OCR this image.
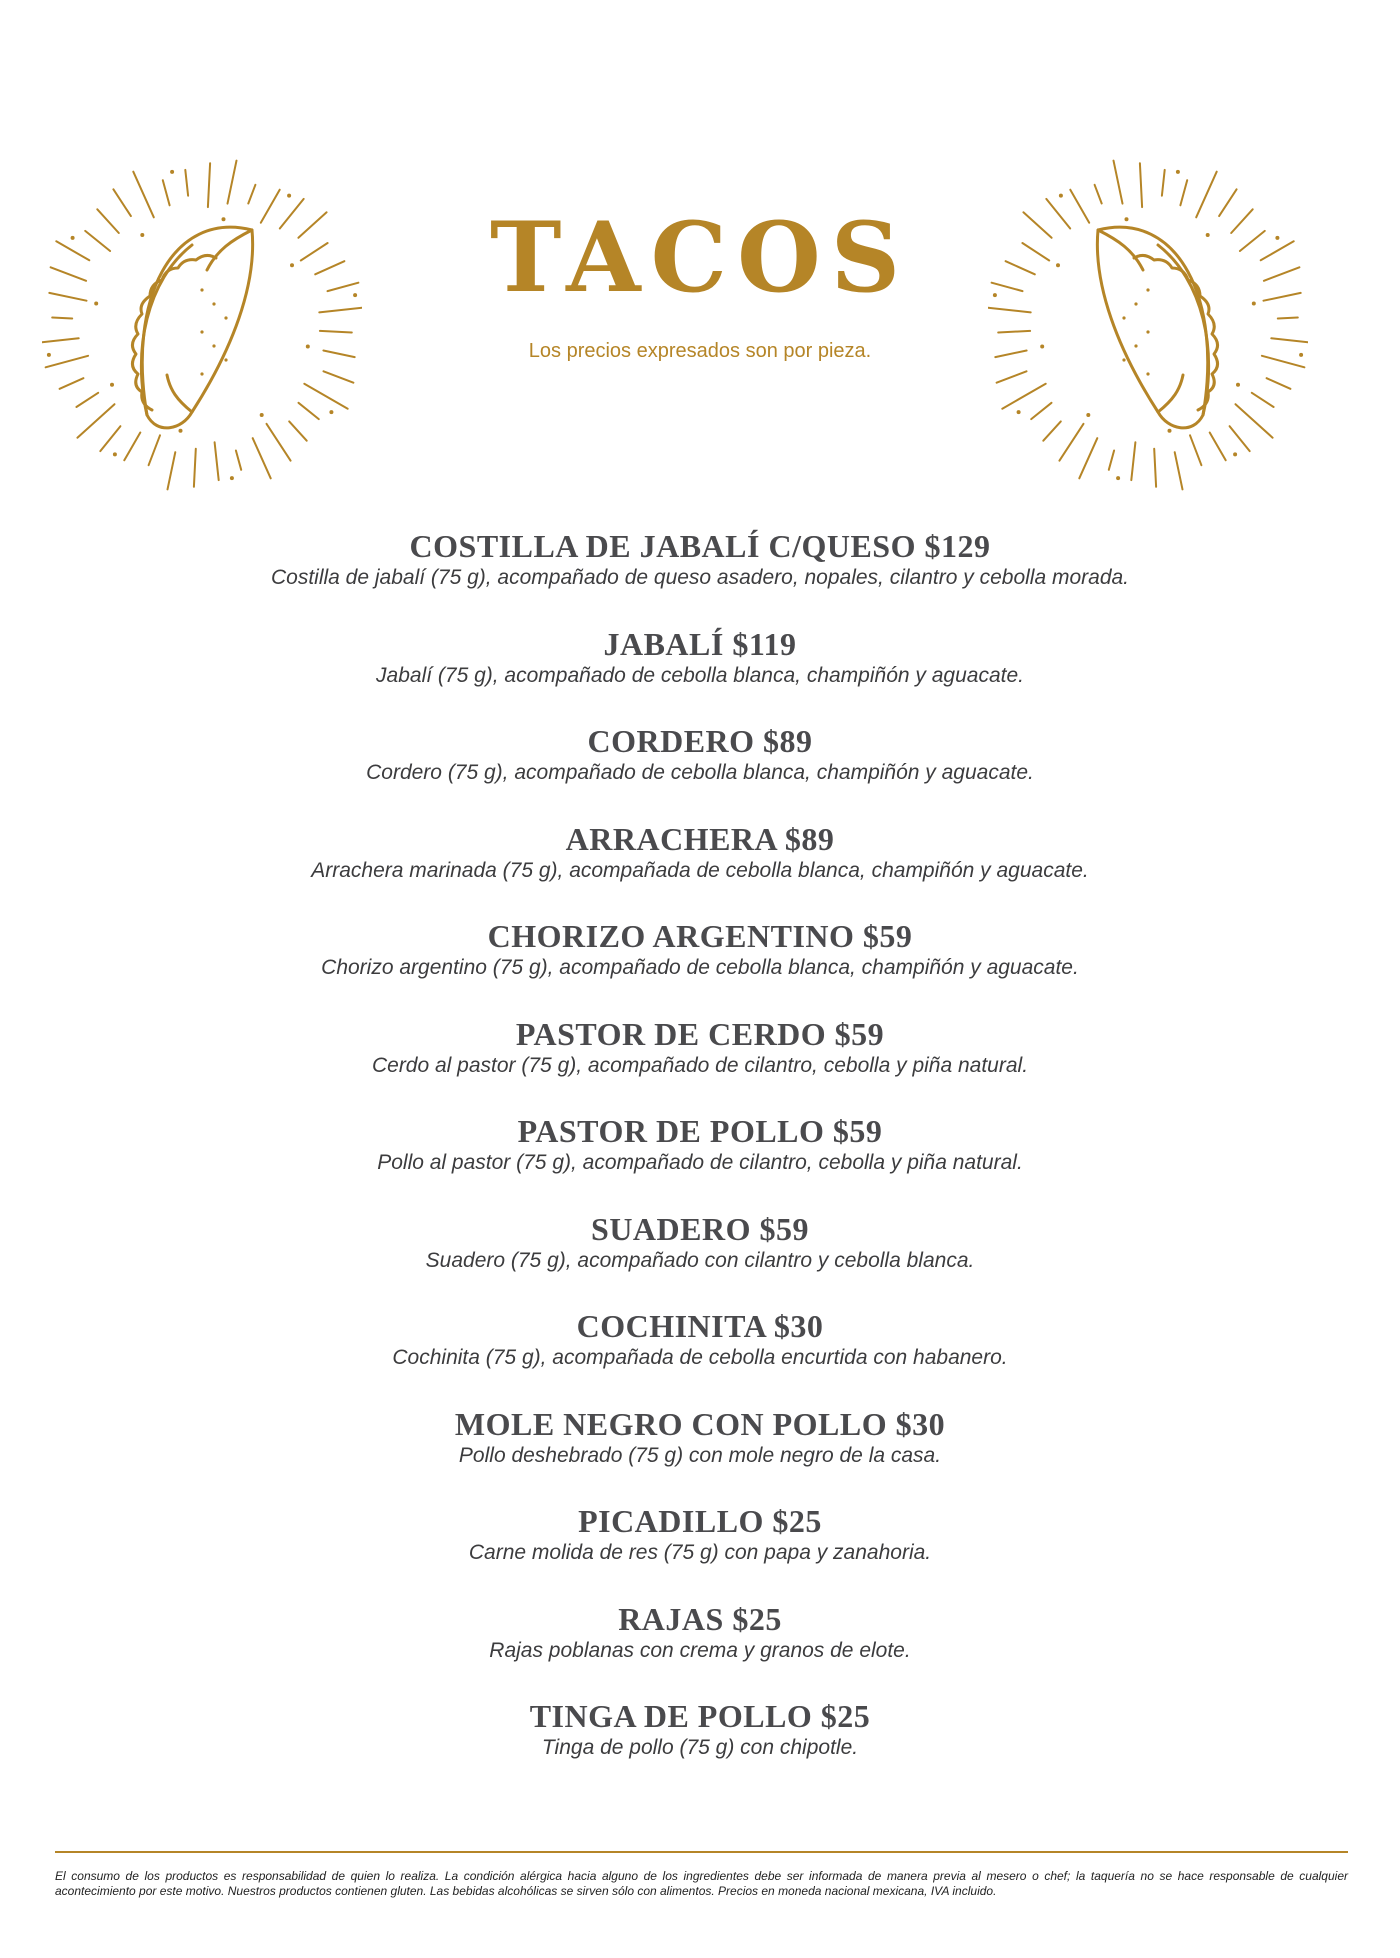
TACOS
Los precios expresados son por pieza.
COSTILLA DE JABALÍ C/QUESO $129
Costilla de jabalí (75 g), acompañado de queso asadero, nopales, cilantro y cebolla morada.
JABALÍ $119
Jabalí (75 g), acompañado de cebolla blanca, champiñón y aguacate.
CORDERO $89
Cordero (75 g), acompañado de cebolla blanca, champiñón y aguacate.
ARRACHERA $89
Arrachera marinada (75 g), acompañada de cebolla blanca, champiñón y aguacate.
CHORIZO ARGENTINO $59
Chorizo argentino (75 g), acompañado de cebolla blanca, champiñón y aguacate.
PASTOR DE CERDO $59
Cerdo al pastor (75 g), acompañado de cilantro, cebolla y piña natural.
PASTOR DE POLLO $59
Pollo al pastor (75 g), acompañado de cilantro, cebolla y piña natural.
SUADERO $59
Suadero (75 g), acompañado con cilantro y cebolla blanca.
COCHINITA $30
Cochinita (75 g), acompañada de cebolla encurtida con habanero.
MOLE NEGRO CON POLLO $30
Pollo deshebrado (75 g) con mole negro de la casa.
PICADILLO $25
Carne molida de res (75 g) con papa y zanahoria.
RAJAS $25
Rajas poblanas con crema y granos de elote.
TINGA DE POLLO $25
Tinga de pollo (75 g) con chipotle.
El consumo de los productos es responsabilidad de quien lo realiza. La condición alérgica hacia alguno de los ingredientes debe ser informada de manera previa al mesero o chef; la taquería no se hace responsable de cualquier acontecimiento por este motivo. Nuestros productos contienen gluten. Las bebidas alcohólicas se sirven sólo con alimentos. Precios en moneda nacional mexicana, IVA incluido.
